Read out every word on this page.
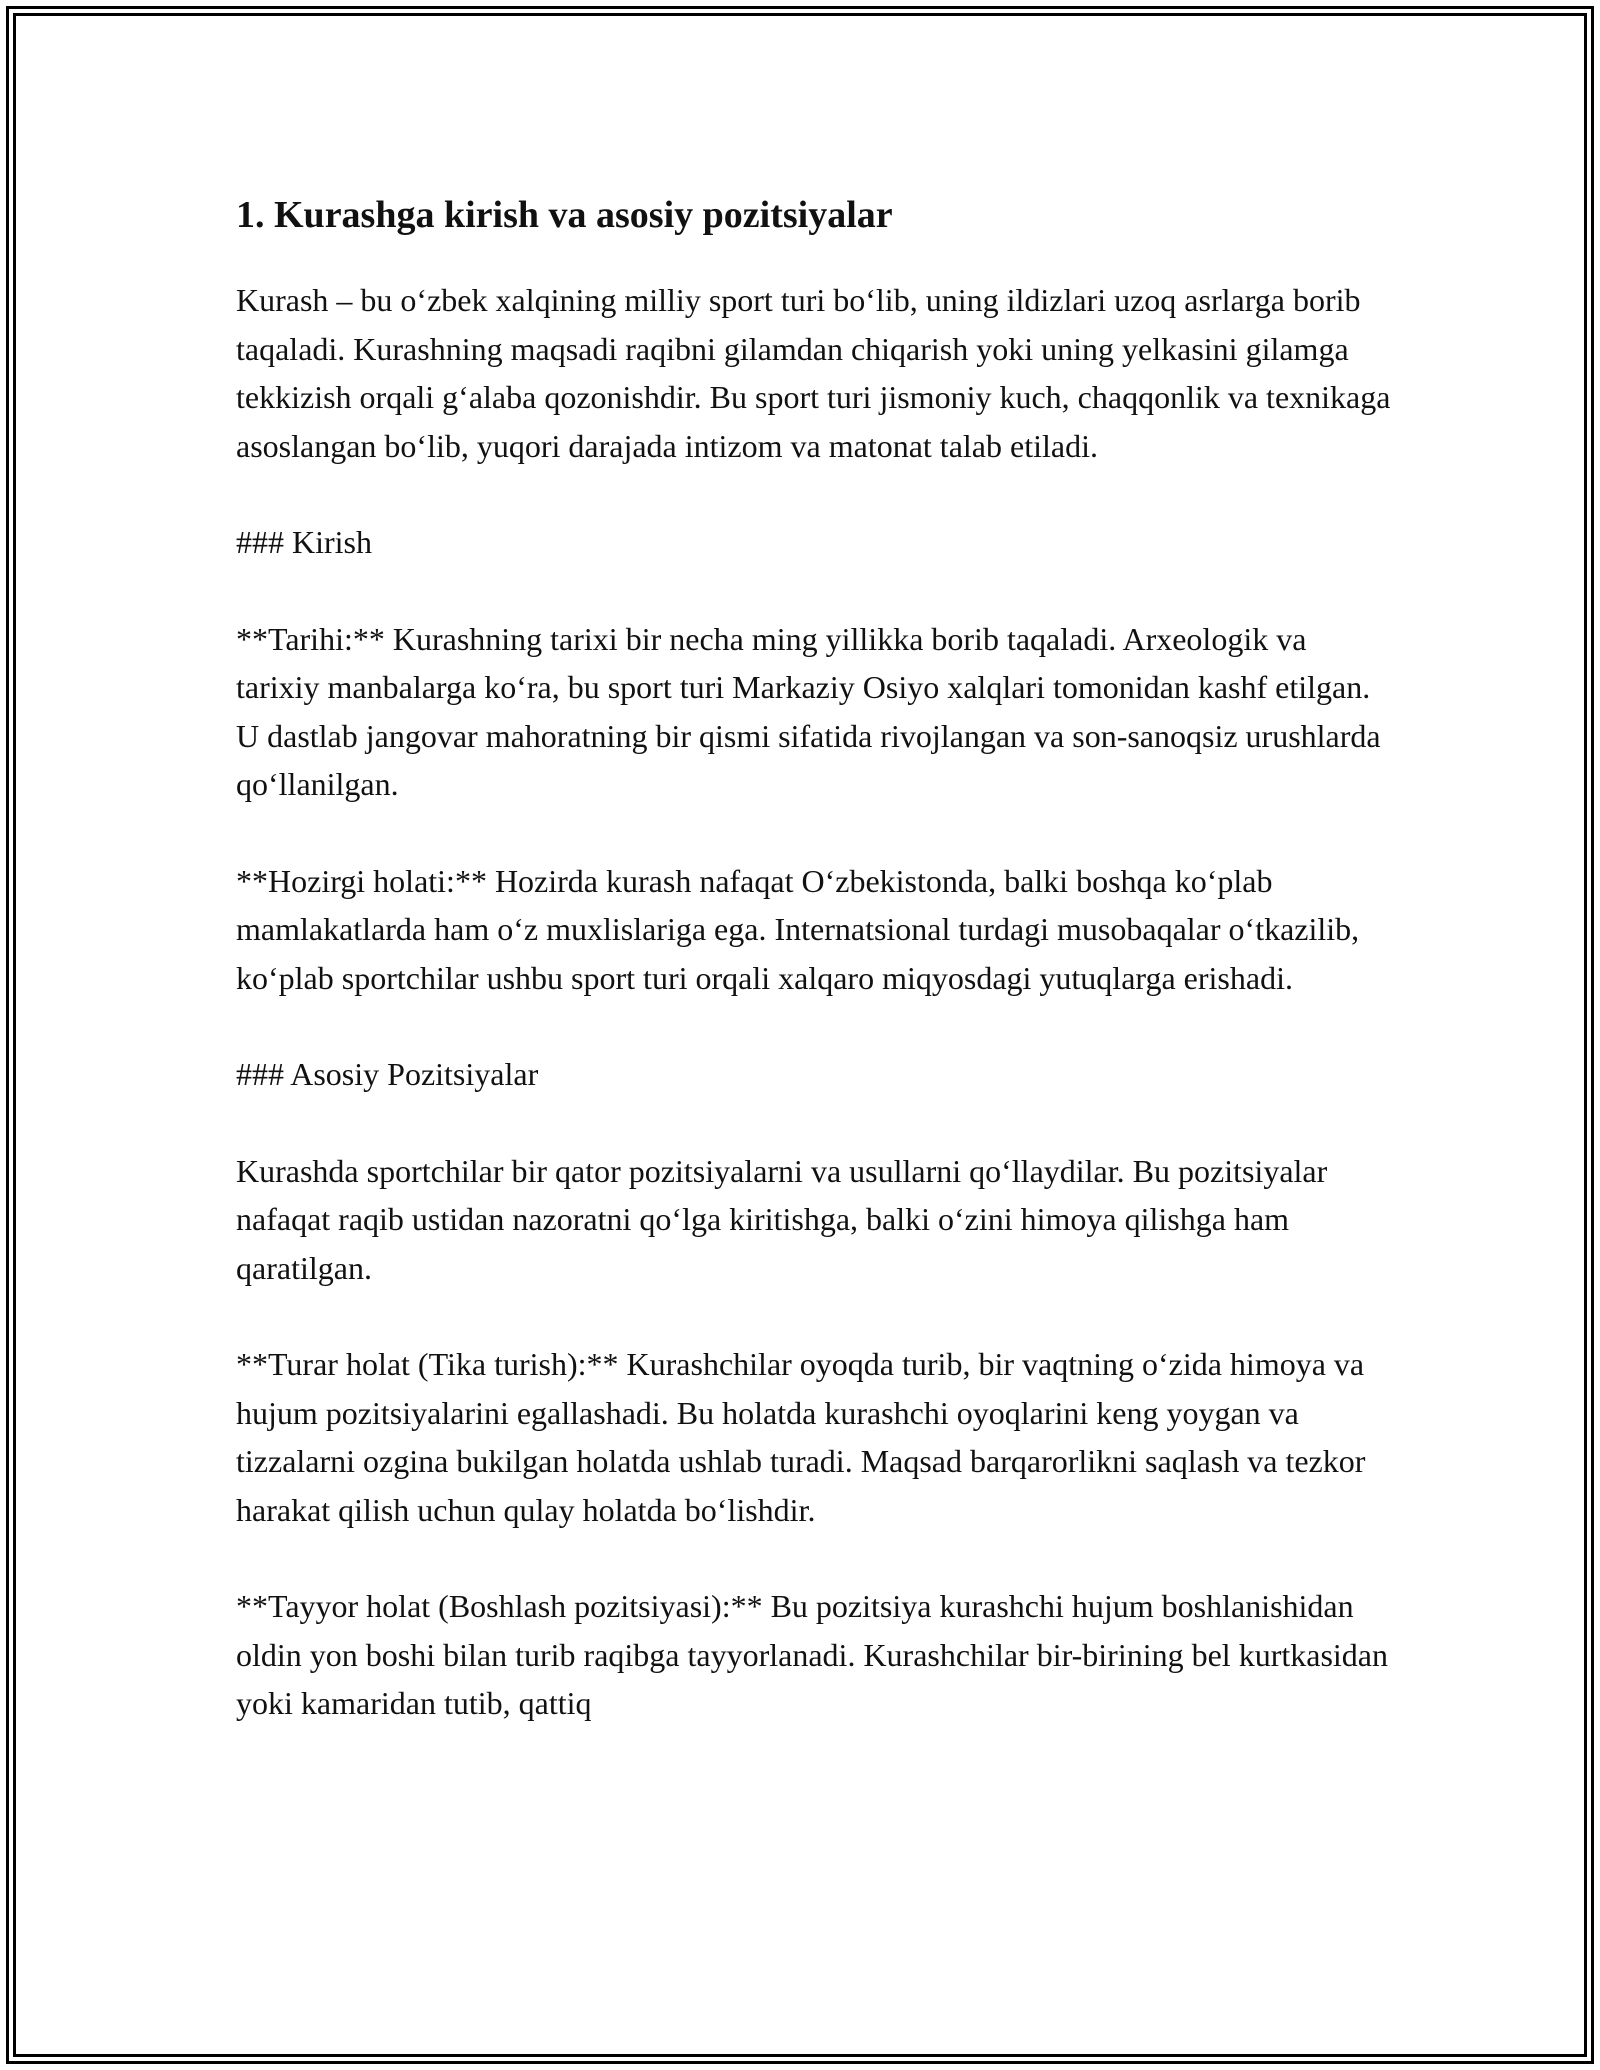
1. Kurashga kirish va asosiy pozitsiyalar

Kurash – bu o‘zbek xalqining milliy sport turi bo‘lib, uning ildizlari uzoq asrlarga borib taqaladi. Kurashning maqsadi raqibni gilamdan chiqarish yoki uning yelkasini gilamga tekkizish orqali g‘alaba qozonishdir. Bu sport turi jismoniy kuch, chaqqonlik va texnikaga asoslangan bo‘lib, yuqori darajada intizom va matonat talab etiladi.

### Kirish

**Tarihi:** Kurashning tarixi bir necha ming yillikka borib taqaladi. Arxeologik va tarixiy manbalarga ko‘ra, bu sport turi Markaziy Osiyo xalqlari tomonidan kashf etilgan. U dastlab jangovar mahoratning bir qismi sifatida rivojlangan va son-sanoqsiz urushlarda qo‘llanilgan.

**Hozirgi holati:** Hozirda kurash nafaqat O‘zbekistonda, balki boshqa ko‘plab mamlakatlarda ham o‘z muxlislariga ega. Internatsional turdagi musobaqalar o‘tkazilib, ko‘plab sportchilar ushbu sport turi orqali xalqaro miqyosdagi yutuqlarga erishadi.

### Asosiy Pozitsiyalar

Kurashda sportchilar bir qator pozitsiyalarni va usullarni qo‘llaydilar. Bu pozitsiyalar nafaqat raqib ustidan nazoratni qo‘lga kiritishga, balki o‘zini himoya qilishga ham qaratilgan.

**Turar holat (Tika turish):** Kurashchilar oyoqda turib, bir vaqtning o‘zida himoya va hujum pozitsiyalarini egallashadi. Bu holatda kurashchi oyoqlarini keng yoygan va tizzalarni ozgina bukilgan holatda ushlab turadi. Maqsad barqarorlikni saqlash va tezkor harakat qilish uchun qulay holatda bo‘lishdir.

**Tayyor holat (Boshlash pozitsiyasi):** Bu pozitsiya kurashchi hujum boshlanishidan oldin yon boshi bilan turib raqibga tayyorlanadi. Kurashchilar bir-birining bel kurtkasidan yoki kamaridan tutib, qattiq
